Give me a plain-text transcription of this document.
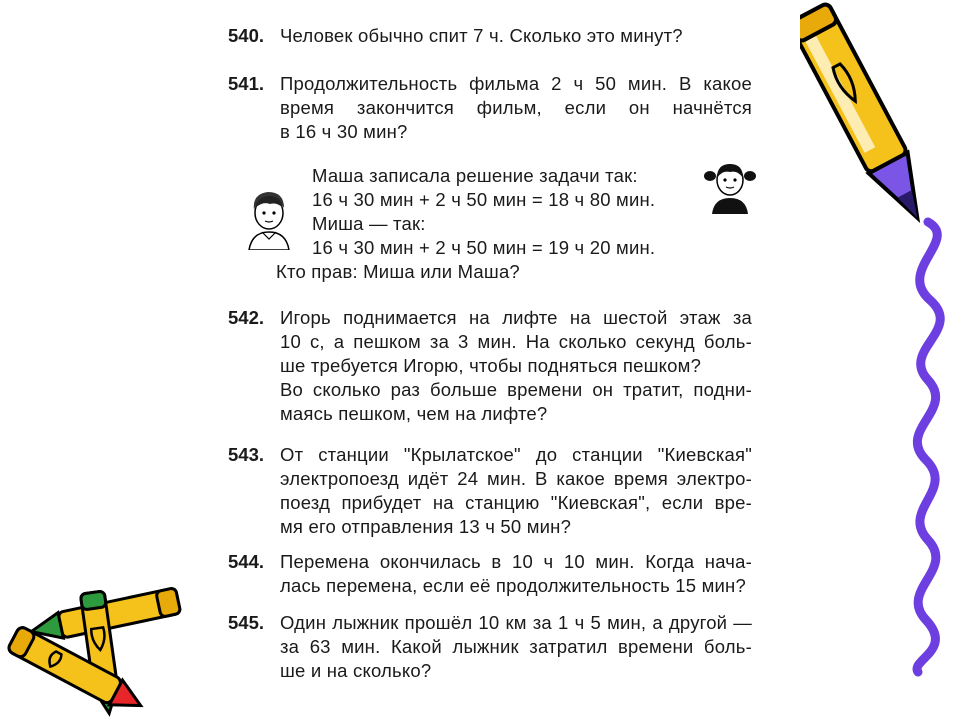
540. Человек обычно спит 7 ч. Сколько это минут?
541. Продолжительность фильма 2 ч 50 мин. В какое
время закончится фильм, если он начнётся
в 16 ч 30 мин?
Маша записала решение задачи так:
16 ч 30 мин + 2 ч 50 мин = 18 ч 80 мин.
Миша — так:
16 ч 30 мин + 2 ч 50 мин = 19 ч 20 мин.
Кто прав: Миша или Маша?
542. Игорь поднимается на лифте на шестой этаж за
10 с, а пешком за 3 мин. На сколько секунд боль-
ше требуется Игорю, чтобы подняться пешком?
Во сколько раз больше времени он тратит, подни-
маясь пешком, чем на лифте?
543. От станции "Крылатское" до станции "Киевская"
электропоезд идёт 24 мин. В какое время электро-
поезд прибудет на станцию "Киевская", если вре-
мя его отправления 13 ч 50 мин?
544. Перемена окончилась в 10 ч 10 мин. Когда нача-
лась перемена, если её продолжительность 15 мин?
545. Один лыжник прошёл 10 км за 1 ч 5 мин, а другой —
за 63 мин. Какой лыжник затратил времени боль-
ше и на сколько?
